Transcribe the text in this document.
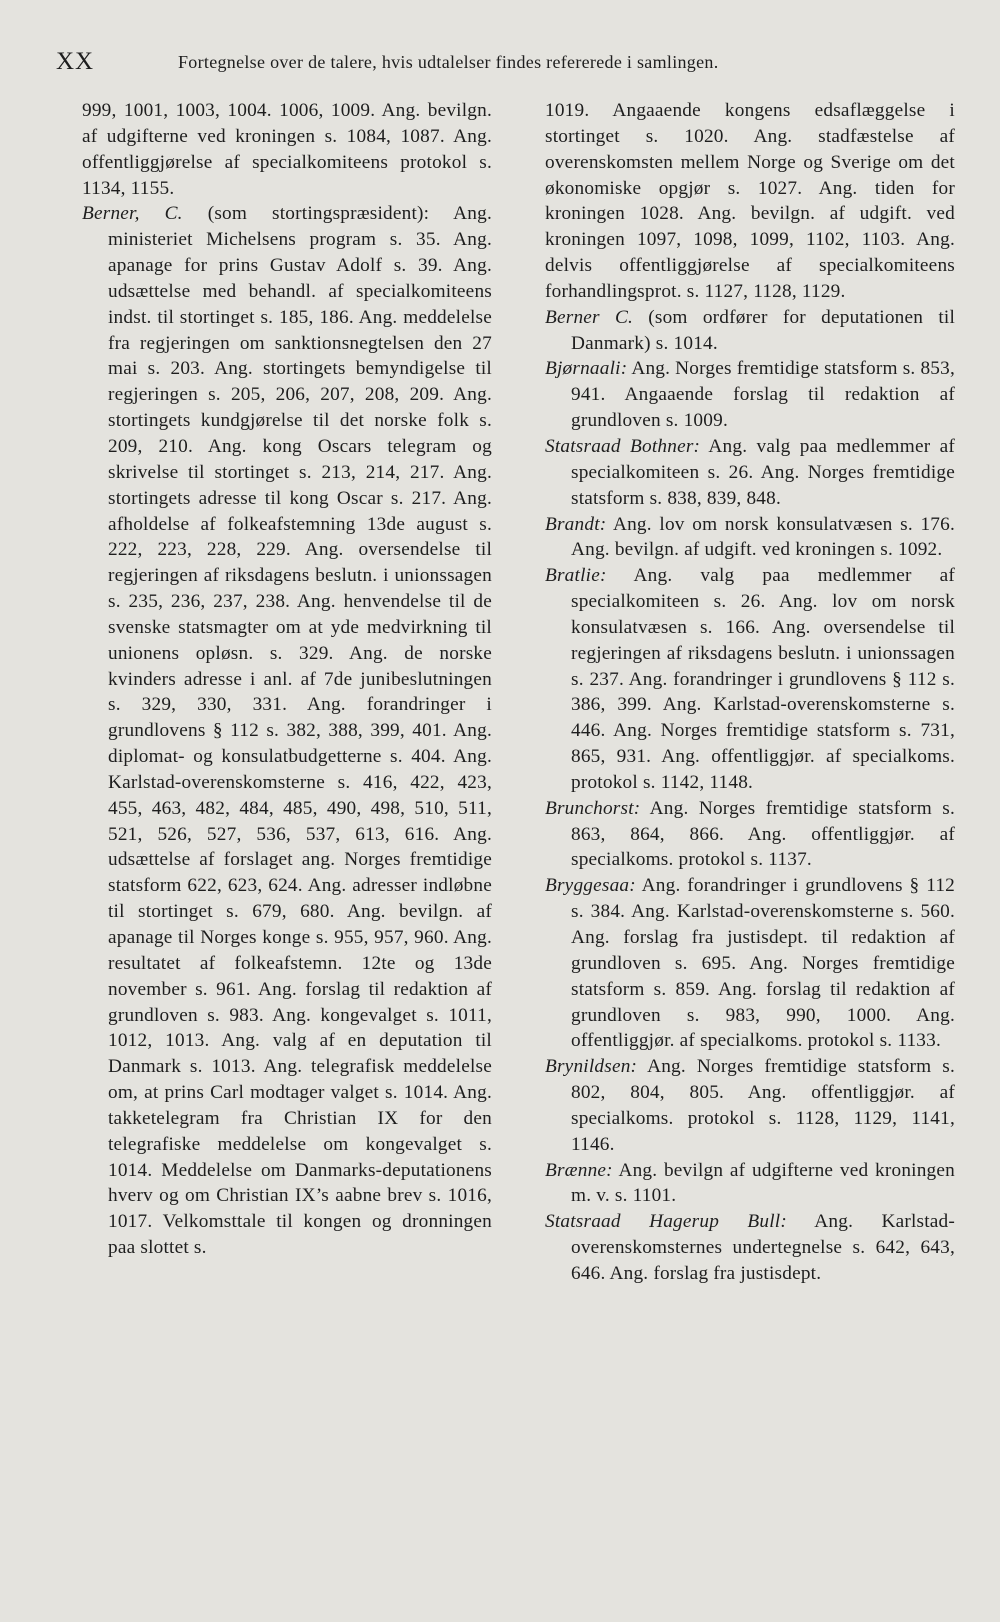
XX	Fortegnelse over de talere, hvis udtalelser findes refererede i samlingen.

999, 1001, 1003, 1004. 1006, 1009. Ang. bevilgn. af udgifterne ved kroningen s. 1084, 1087. Ang. offentliggjørelse af specialkomiteens protokol s. 1134, 1155.

Berner, C. (som stortingspræsident): Ang. ministeriet Michelsens program s. 35. Ang. apanage for prins Gustav Adolf s. 39. Ang. udsættelse med behandl. af specialkomiteens indst. til stortinget s. 185, 186. Ang. meddelelse fra regjeringen om sanktionsnegtelsen den 27 mai s. 203. Ang. stortingets bemyndigelse til regjeringen s. 205, 206, 207, 208, 209. Ang. stortingets kundgjørelse til det norske folk s. 209, 210. Ang. kong Oscars telegram og skrivelse til stortinget s. 213, 214, 217. Ang. stortingets adresse til kong Oscar s. 217. Ang. afholdelse af folkeafstemning 13de august s. 222, 223, 228, 229. Ang. oversendelse til regjeringen af riksdagens beslutn. i unionssagen s. 235, 236, 237, 238. Ang. henvendelse til de svenske statsmagter om at yde medvirkning til unionens opløsn. s. 329. Ang. de norske kvinders adresse i anl. af 7de junibeslutningen s. 329, 330, 331. Ang. forandringer i grundlovens § 112 s. 382, 388, 399, 401. Ang. diplomat- og konsulatbudgetterne s. 404. Ang. Karlstad-overenskomsterne s. 416, 422, 423, 455, 463, 482, 484, 485, 490, 498, 510, 511, 521, 526, 527, 536, 537, 613, 616. Ang. udsættelse af forslaget ang. Norges fremtidige statsform 622, 623, 624. Ang. adresser indløbne til stortinget s. 679, 680. Ang. bevilgn. af apanage til Norges konge s. 955, 957, 960. Ang. resultatet af folkeafstemn. 12te og 13de november s. 961. Ang. forslag til redaktion af grundloven s. 983. Ang. kongevalget s. 1011, 1012, 1013. Ang. valg af en deputation til Danmark s. 1013. Ang. telegrafisk meddelelse om, at prins Carl modtager valget s. 1014. Ang. takketelegram fra Christian IX for den telegrafiske meddelelse om kongevalget s. 1014. Meddelelse om Danmarks-deputationens hverv og om Christian IX’s aabne brev s. 1016, 1017. Velkomsttale til kongen og dronningen paa slottet s.

1019. Angaaende kongens edsaflæggelse i stortinget s. 1020. Ang. stadfæstelse af overenskomsten mellem Norge og Sverige om det økonomiske opgjør s. 1027. Ang. tiden for kroningen 1028. Ang. bevilgn. af udgift. ved kroningen 1097, 1098, 1099, 1102, 1103. Ang. delvis offentliggjørelse af specialkomiteens forhandlingsprot. s. 1127, 1128, 1129.

Berner C. (som ordfører for deputationen til Danmark) s. 1014.

Bjørnaali: Ang. Norges fremtidige statsform s. 853, 941. Angaaende forslag til redaktion af grundloven s. 1009.

Statsraad Bothner: Ang. valg paa medlemmer af specialkomiteen s. 26. Ang. Norges fremtidige statsform s. 838, 839, 848.

Brandt: Ang. lov om norsk konsulatvæsen s. 176. Ang. bevilgn. af udgift. ved kroningen s. 1092.

Bratlie: Ang. valg paa medlemmer af specialkomiteen s. 26. Ang. lov om norsk konsulatvæsen s. 166. Ang. oversendelse til regjeringen af riksdagens beslutn. i unionssagen s. 237. Ang. forandringer i grundlovens § 112 s. 386, 399. Ang. Karlstad-overenskomsterne s. 446. Ang. Norges fremtidige statsform s. 731, 865, 931. Ang. offentliggjør. af specialkoms. protokol s. 1142, 1148.

Brunchorst: Ang. Norges fremtidige statsform s. 863, 864, 866. Ang. offentliggjør. af specialkoms. protokol s. 1137.

Bryggesaa: Ang. forandringer i grundlovens § 112 s. 384. Ang. Karlstad-overenskomsterne s. 560. Ang. forslag fra justisdept. til redaktion af grundloven s. 695. Ang. Norges fremtidige statsform s. 859. Ang. forslag til redaktion af grundloven s. 983, 990, 1000. Ang. offentliggjør. af specialkoms. protokol s. 1133.

Brynildsen: Ang. Norges fremtidige statsform s. 802, 804, 805. Ang. offentliggjør. af specialkoms. protokol s. 1128, 1129, 1141, 1146.

Brænne: Ang. bevilgn af udgifterne ved kroningen m. v. s. 1101.

Statsraad Hagerup Bull: Ang. Karlstad-overenskomsternes undertegnelse s. 642, 643, 646. Ang. forslag fra justisdept.
